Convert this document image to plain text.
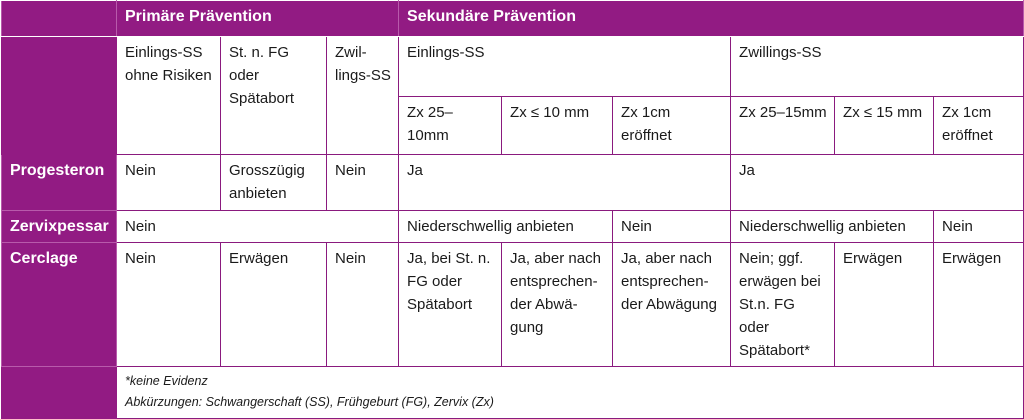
	Primäre Prävention			Sekundäre Prävention					
	Einlings-SS ohne Risiken	St. n. FG oder Spätabort	Zwil-lings-SS	Einlings-SS			Zwillings-SS		
				Zx 25–10mm	Zx ≤ 10 mm	Zx 1cm eröffnet	Zx 25–15mm	Zx ≤ 15 mm	Zx 1cm eröffnet
Progesteron	Nein	Grosszügig anbieten	Nein	Ja			Ja		
Zervixpessar	Nein			Niederschwellig anbieten		Nein	Niederschwellig anbieten		Nein
Cerclage	Nein	Erwägen	Nein	Ja, bei St. n. FG oder Spätabort	Ja, aber nach entsprechen-der Abwä-gung	Ja, aber nach entsprechen-der Abwägung	Nein; ggf. erwägen bei St.n. FG oder Spätabort*	Erwägen	Erwägen

	*keine Evidenz
Abkürzungen: Schwangerschaft (SS), Frühgeburt (FG), Zervix (Zx)								
